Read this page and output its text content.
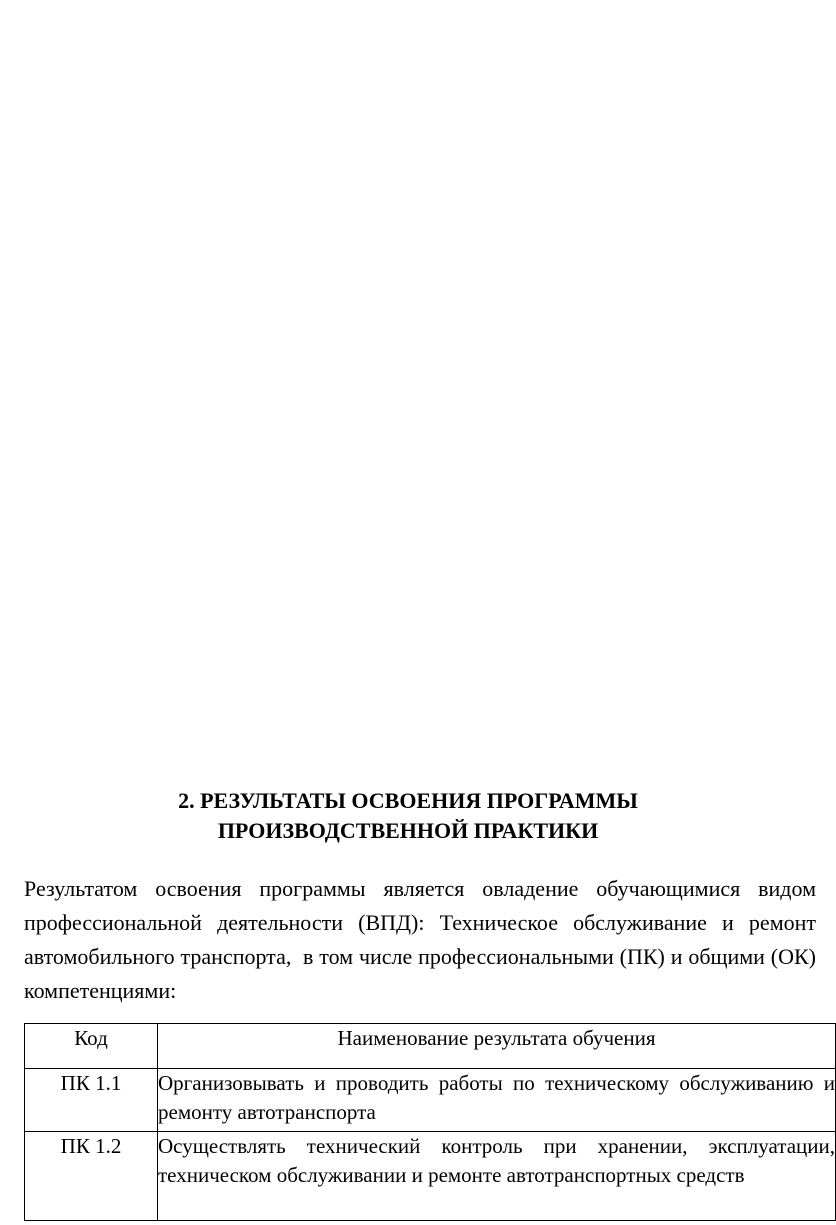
2. РЕЗУЛЬТАТЫ ОСВОЕНИЯ ПРОГРАММЫ
ПРОИЗВОДСТВЕННОЙ ПРАКТИКИ

Результатом освоения программы является овладение обучающимися видом профессиональной деятельности (ВПД): Техническое обслуживание и ремонт автомобильного транспорта,  в том числе профессиональными (ПК) и общими (ОК) компетенциями:

Код	Наименование результата обучения
ПК 1.1	Организовывать и проводить работы по техническому обслуживанию и ремонту автотранспорта
ПК 1.2	Осуществлять технический контроль при хранении, эксплуатации, техническом обслуживании и ремонте автотранспортных средств
